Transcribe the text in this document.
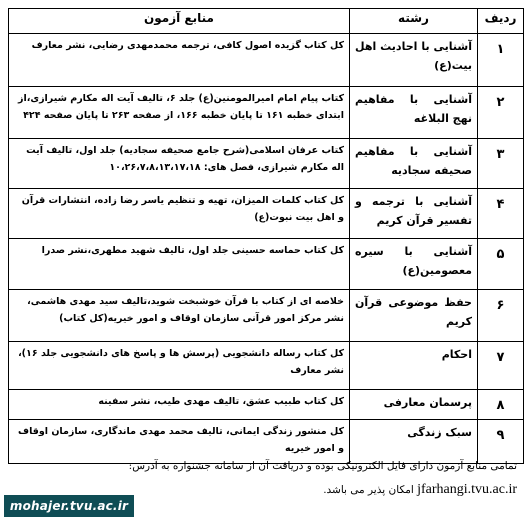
ردیف	رشته	منابع آزمون
۱	آشنایی با احادیث اهل بیت(ع)	کل کتاب گزیده اصول کافی، ترجمه محمدمهدی رضایی، نشر معارف
۲	آشنایی با مفاهیم نهج البلاغه	کتاب پیام امام امیرالمومنین(ع) جلد ۶، تالیف آیت اله مکارم شیرازی،از ابتدای خطبه ۱۶۱ تا پایان خطبه ۱۶۶، از صفحه ۲۶۳ تا پایان صفحه ۴۲۴
۳	آشنایی با مفاهیم صحیفه سجادیه	کتاب عرفان اسلامی(شرح جامع صحیفه سجادیه) جلد اول، تالیف آیت اله مکارم شیرازی، فصل های: ۱۰،۲۶،۷،۸،۱۳،۱۷،۱۸
۴	آشنایی با ترجمه و تفسیر قرآن کریم	کل کتاب کلمات المیزان، تهیه و تنظیم یاسر رضا زاده، انتشارات قرآن و اهل بیت نبوت(ع)
۵	آشنایی با سیره معصومین(ع)	کل کتاب حماسه حسینی جلد اول، تالیف شهید مطهری،نشر صدرا
۶	حفظ موضوعی قرآن کریم	خلاصه ای از کتاب با قرآن خوشبخت شوید،تالیف سید مهدی هاشمی، نشر مرکز امور قرآنی سازمان اوقاف و امور خیریه(کل کتاب)
۷	احکام	کل کتاب رساله دانشجویی (پرسش ها و پاسخ های دانشجویی جلد ۱۶)، نشر معارف
۸	پرسمان معارفی	کل کتاب طبیب عشق، تالیف مهدی طیب، نشر سفینه
۹	سبک زندگی	کل منشور زندگی ایمانی، تالیف محمد مهدی ماندگاری، سازمان اوقاف و امور خیریه
تمامی منابع آزمون دارای فایل الکترونیکی بوده و دریافت آن از سامانه جشنواره به آدرس:
jfarhangi.tvu.ac.ir امکان پذیر می باشد.
mohajer.tvu.ac.ir
